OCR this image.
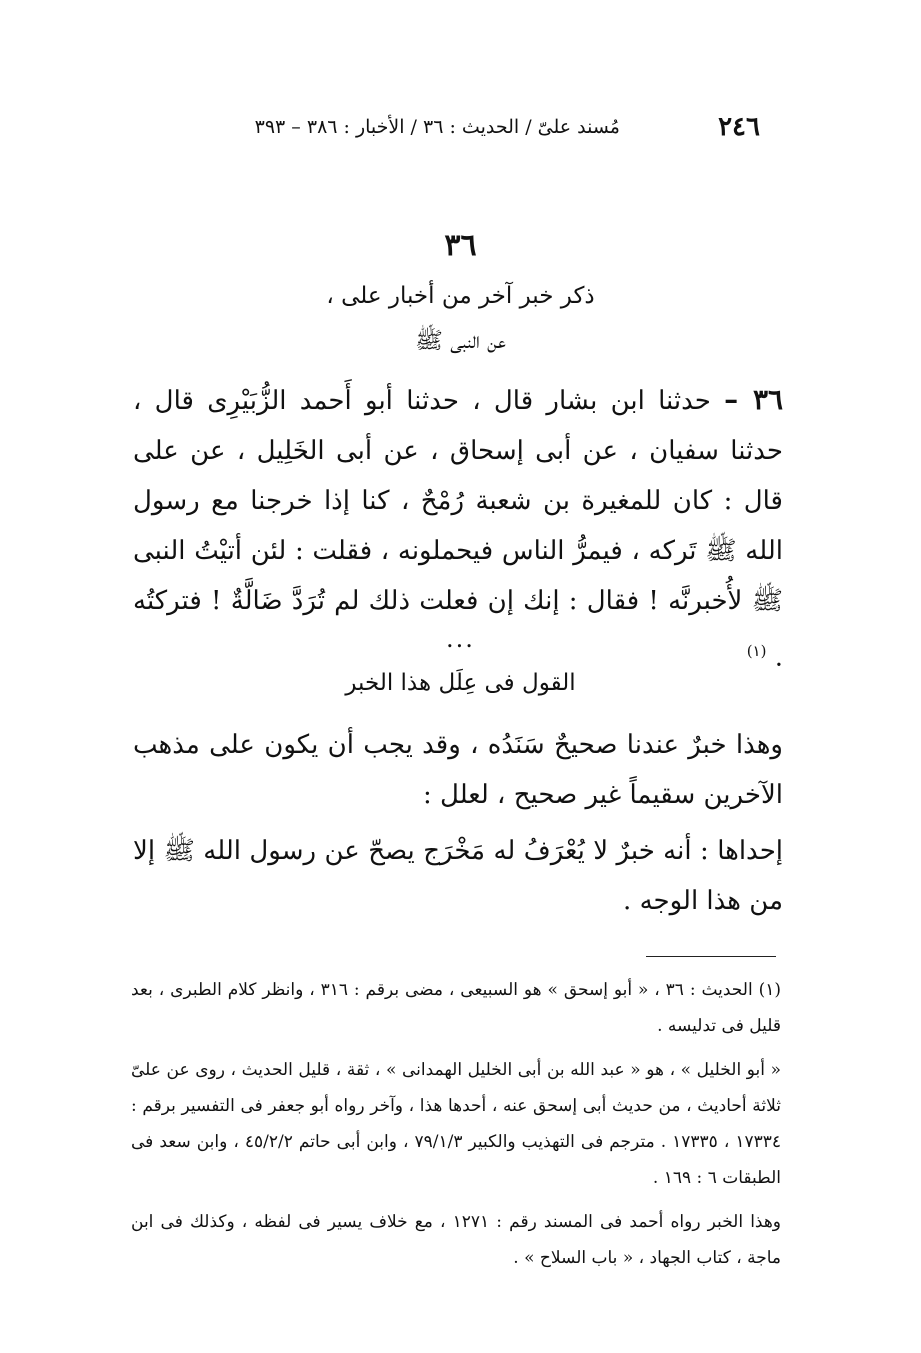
٢٤٦
مُسند علىّ / الحديث : ٣٦ / الأخبار : ٣٨٦ – ٣٩٣
٣٦
ذكر خبر آخر من أخبار على ،
عن النبى ﷺ
٣٦ – حدثنا ابن بشار قال ، حدثنا أبو أَحمد الزُّبَيْرِى قال ، حدثنا سفيان ، عن أبى إسحاق ، عن أبى الخَلِيل ، عن على قال : كان للمغيرة بن شعبة رُمْحٌ ، كنا إذا خرجنا مع رسول الله ﷺ تَركه ، فيمرُّ الناس فيحملونه ، فقلت : لئن أتيْتُ النبى ﷺ لأُخبرنَّه ! فقال : إنك إن فعلت ذلك لم تُرَدَّ ضَالَّةٌ ! فتركتُه . $^{(١)}$
...
القول فى عِلَل هذا الخبر

وهذا خبرٌ عندنا صحيحٌ سَنَدُه ، وقد يجب أن يكون على مذهب الآخرين سقيماً غير صحيح ، لعلل :

إحداها : أنه خبرٌ لا يُعْرَفُ له مَخْرَج يصحّ عن رسول الله ﷺ إلا من هذا الوجه .

(١) الحديث : ٣٦ ، « أبو إسحق » هو السبيعى ، مضى برقم : ٣١٦ ، وانظر كلام الطبرى ، بعد قليل فى تدليسه .

« أبو الخليل » ، هو « عبد الله بن أبى الخليل الهمدانى » ، ثقة ، قليل الحديث ، روى عن علىّ ثلاثة أحاديث ، من حديث أبى إسحق عنه ، أحدها هذا ، وآخر رواه أبو جعفر فى التفسير برقم : ١٧٣٣٤ ، ١٧٣٣٥ . مترجم فى التهذيب والكبير ٧٩/١/٣ ، وابن أبى حاتم ٤٥/٢/٢ ، وابن سعد فى الطبقات ٦ : ١٦٩ .

وهذا الخبر رواه أحمد فى المسند رقم : ١٢٧١ ، مع خلاف يسير فى لفظه ، وكذلك فى ابن ماجة ، كتاب الجهاد ، « باب السلاح » .
